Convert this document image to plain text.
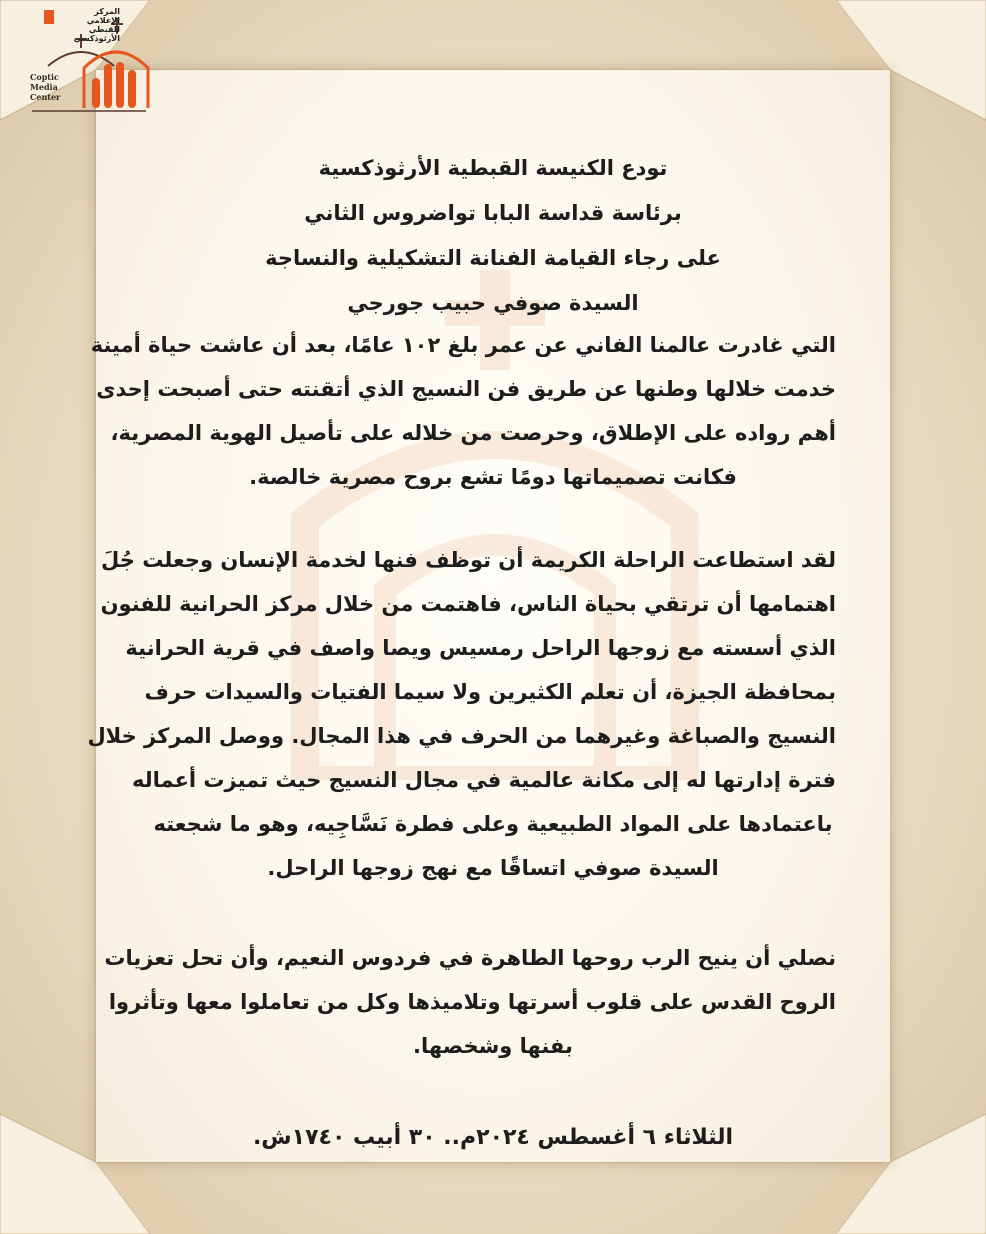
المركز الإعلامي
للقبطي الأرثوذكسي
Coptic
Media
Center
تودع الكنيسة القبطية الأرثوذكسية
برئاسة قداسة البابا تواضروس الثاني
على رجاء القيامة الفنانة التشكيلية والنساجة
السيدة صوفي حبيب جورجي
التي غادرت عالمنا الفاني عن عمر بلغ ١٠٢ عامًا، بعد أن عاشت حياة أمينة
خدمت خلالها وطنها عن طريق فن النسيج الذي أتقنته حتى أصبحت إحدى
أهم رواده على الإطلاق، وحرصت من خلاله على تأصيل الهوية المصرية،
فكانت تصميماتها دومًا تشع بروح مصرية خالصة.
لقد استطاعت الراحلة الكريمة أن توظف فنها لخدمة الإنسان وجعلت جُلَ
اهتمامها أن ترتقي بحياة الناس، فاهتمت من خلال مركز الحرانية للفنون
الذي أسسته مع زوجها الراحل رمسيس ويصا واصف في قرية الحرانية
بمحافظة الجيزة، أن تعلم الكثيرين ولا سيما الفتيات والسيدات حرف
النسيج والصباغة وغيرهما من الحرف في هذا المجال. ووصل المركز خلال
فترة إدارتها له إلى مكانة عالمية في مجال النسيج حيث تميزت أعماله
باعتمادها على المواد الطبيعية وعلى فطرة نَسَّاجِيه، وهو ما شجعته
السيدة صوفي اتساقًا مع نهج زوجها الراحل.
نصلي أن ينيح الرب روحها الطاهرة في فردوس النعيم، وأن تحل تعزيات
الروح القدس على قلوب أسرتها وتلاميذها وكل من تعاملوا معها وتأثروا
بفنها وشخصها.
الثلاثاء ٦ أغسطس ٢٠٢٤م.. ٣٠ أبيب ١٧٤٠ش.
